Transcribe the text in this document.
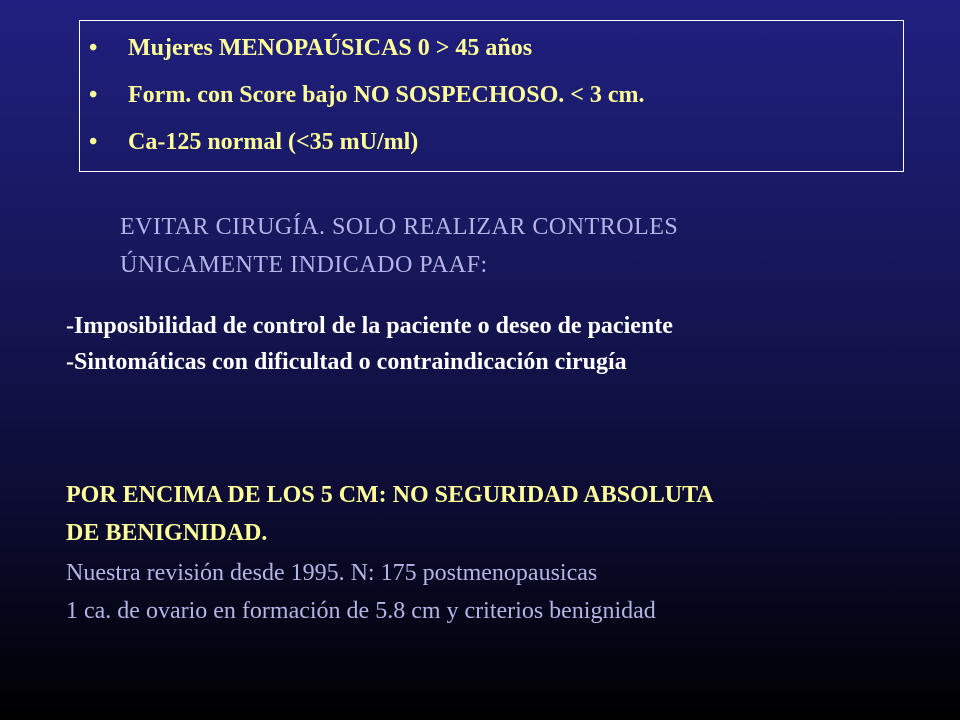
• Mujeres MENOPAÚSICAS 0 > 45 años
• Form. con Score bajo NO SOSPECHOSO. < 3 cm.
• Ca-125 normal (<35 mU/ml)
EVITAR CIRUGÍA. SOLO REALIZAR CONTROLES
ÚNICAMENTE INDICADO PAAF:
-Imposibilidad de control de la paciente o deseo de paciente
-Sintomáticas con dificultad o contraindicación cirugía
POR ENCIMA DE LOS 5 CM: NO SEGURIDAD ABSOLUTA
DE BENIGNIDAD.
Nuestra revisión desde 1995. N: 175 postmenopausicas
1 ca. de ovario en formación de 5.8 cm y criterios benignidad
